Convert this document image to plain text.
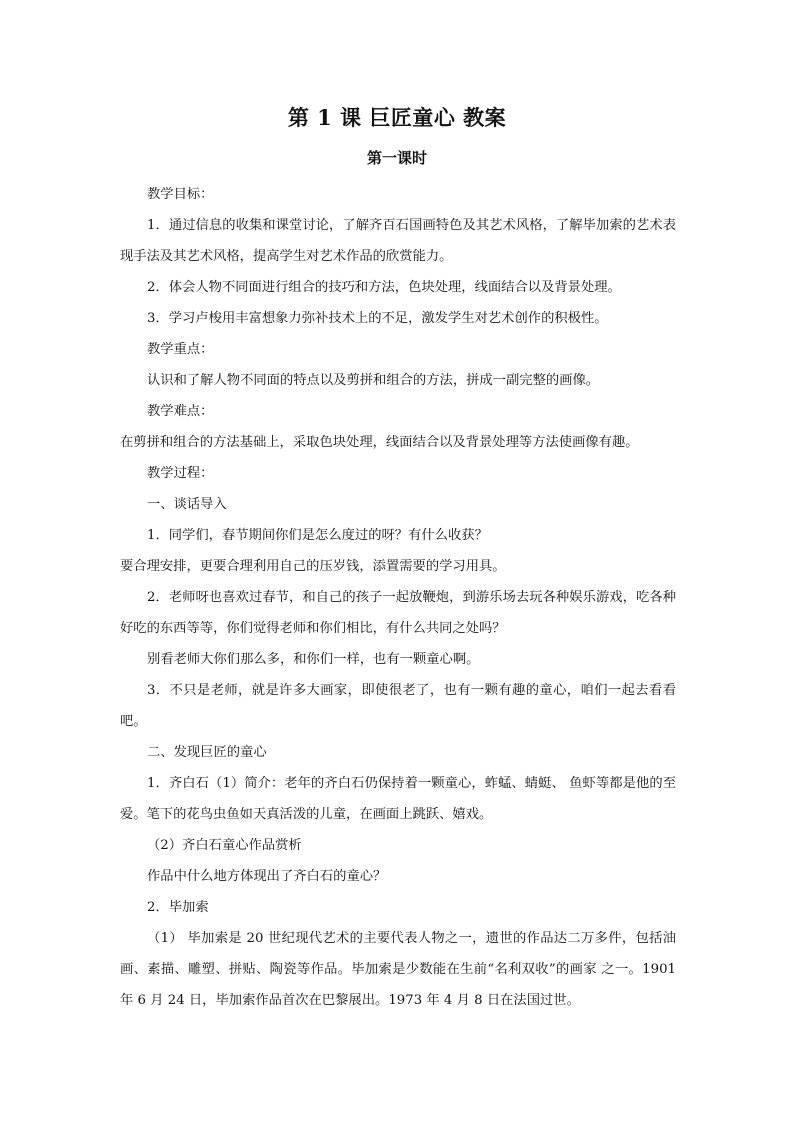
第 1 课 巨匠童心 教案
第一课时

教学目标：

1．通过信息的收集和课堂讨论，了解齐百石国画特色及其艺术风格，了解毕加索的艺术表现手法及其艺术风格，提高学生对艺术作品的欣赏能力。

2．体会人物不同面进行组合的技巧和方法，色块处理，线面结合以及背景处理。

3．学习卢梭用丰富想象力弥补技术上的不足，激发学生对艺术创作的积极性。

教学重点：

认识和了解人物不同面的特点以及剪拼和组合的方法，拼成一副完整的画像。

教学难点：

在剪拼和组合的方法基础上，采取色块处理，线面结合以及背景处理等方法使画像有趣。

教学过程：

一、谈话导入

1．同学们，春节期间你们是怎么度过的呀？有什么收获？

要合理安排，更要合理利用自己的压岁钱，添置需要的学习用具。

2．老师呀也喜欢过春节，和自己的孩子一起放鞭炮，到游乐场去玩各种娱乐游戏，吃各种好吃的东西等等，你们觉得老师和你们相比，有什么共同之处吗？

别看老师大你们那么多，和你们一样，也有一颗童心啊。

3．不只是老师，就是许多大画家，即使很老了，也有一颗有趣的童心，咱们一起去看看吧。

二、发现巨匠的童心

1．齐白石（1）简介：老年的齐白石仍保持着一颗童心，蚱蜢、蜻蜓、 鱼虾等都是他的至爱。笔下的花鸟虫鱼如天真活泼的儿童，在画面上跳跃、嬉戏。

（2）齐白石童心作品赏析

作品中什么地方体现出了齐白石的童心？

2．毕加索

（1） 毕加索是 20 世纪现代艺术的主要代表人物之一，遗世的作品达二万多件，包括油画、素描、雕塑、拼贴、陶瓷等作品。毕加索是少数能在生前“名利双收”的画家 之一。1901 年 6 月 24 日，毕加索作品首次在巴黎展出。1973 年 4 月 8 日在法国过世。
